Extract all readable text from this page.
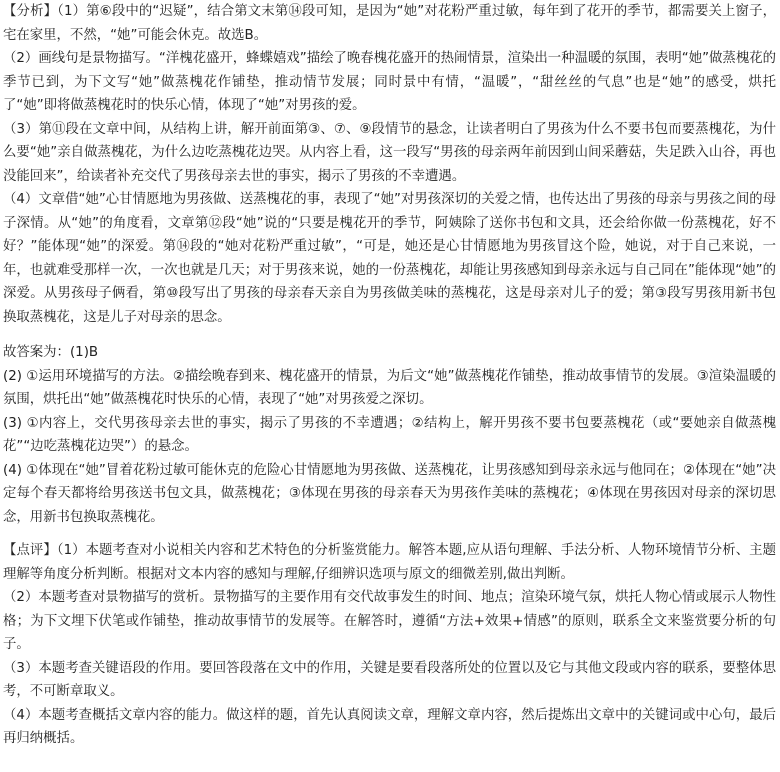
【分析】（1）第⑥段中的“迟疑”，结合第文末第⑭段可知，是因为“她”对花粉严重过敏，每年到了花开的季节，都需要关上窗子，宅在家里，不然，“她”可能会休克。故选B。

（2）画线句是景物描写。“洋槐花盛开，蜂蝶嬉戏”描绘了晚春槐花盛开的热闹情景，渲染出一种温暖的氛围，表明“她”做蒸槐花的季节已到，为下文写“她”做蒸槐花作铺垫，推动情节发展；同时景中有情，“温暖”，“甜丝丝的气息”也是“她”的感受，烘托了“她”即将做蒸槐花时的快乐心情，体现了“她”对男孩的爱。

（3）第⑪段在文章中间，从结构上讲，解开前面第③、⑦、⑨段情节的悬念，让读者明白了男孩为什么不要书包而要蒸槐花，为什么要“她”亲自做蒸槐花，为什么边吃蒸槐花边哭。从内容上看，这一段写“男孩的母亲两年前因到山间采蘑菇，失足跌入山谷，再也没能回来”，给读者补充交代了男孩母亲去世的事实，揭示了男孩的不幸遭遇。

（4）文章借“她”心甘情愿地为男孩做、送蒸槐花的事，表现了“她”对男孩深切的关爱之情，也传达出了男孩的母亲与男孩之间的母子深情。从“她”的角度看，文章第⑫段“她”说的“只要是槐花开的季节，阿姨除了送你书包和文具，还会给你做一份蒸槐花，好不好？”能体现“她”的深爱。第⑭段的“她对花粉严重过敏”，“可是，她还是心甘情愿地为男孩冒这个险，她说，对于自己来说，一年，也就难受那样一次，一次也就是几天；对于男孩来说，她的一份蒸槐花，却能让男孩感知到母亲永远与自己同在”能体现“她”的深爱。从男孩母子俩看，第⑩段写出了男孩的母亲春天亲自为男孩做美味的蒸槐花，这是母亲对儿子的爱；第③段写男孩用新书包换取蒸槐花，这是儿子对母亲的思念。

故答案为：(1)B

(2) ①运用环境描写的方法。②描绘晚春到来、槐花盛开的情景，为后文“她”做蒸槐花作铺垫，推动故事情节的发展。③渲染温暖的氛围，烘托出“她”做蒸槐花时快乐的心情，表现了“她”对男孩爱之深切。

(3) ①内容上，交代男孩母亲去世的事实，揭示了男孩的不幸遭遇；②结构上，解开男孩不要书包要蒸槐花（或“要她亲自做蒸槐花”“边吃蒸槐花边哭”）的悬念。

(4) ①体现在“她”冒着花粉过敏可能休克的危险心甘情愿地为男孩做、送蒸槐花，让男孩感知到母亲永远与他同在；②体现在“她”决定每个春天都将给男孩送书包文具，做蒸槐花；③体现在男孩的母亲春天为男孩作美味的蒸槐花；④体现在男孩因对母亲的深切思念，用新书包换取蒸槐花。

【点评】（1）本题考查对小说相关内容和艺术特色的分析鉴赏能力。解答本题,应从语句理解、手法分析、人物环境情节分析、主题理解等角度分析判断。根据对文本内容的感知与理解,仔细辨识选项与原文的细微差别,做出判断。

（2）本题考查对景物描写的赏析。景物描写的主要作用有交代故事发生的时间、地点；渲染环境气氛，烘托人物心情或展示人物性格；为下文埋下伏笔或作铺垫，推动故事情节的发展等。在解答时，遵循“方法+效果+情感”的原则，联系全文来鉴赏要分析的句子。

（3）本题考查关键语段的作用。要回答段落在文中的作用，关键是要看段落所处的位置以及它与其他文段或内容的联系，要整体思考，不可断章取义。

（4）本题考查概括文章内容的能力。做这样的题，首先认真阅读文章，理解文章内容，然后提炼出文章中的关键词或中心句，最后再归纳概括。
